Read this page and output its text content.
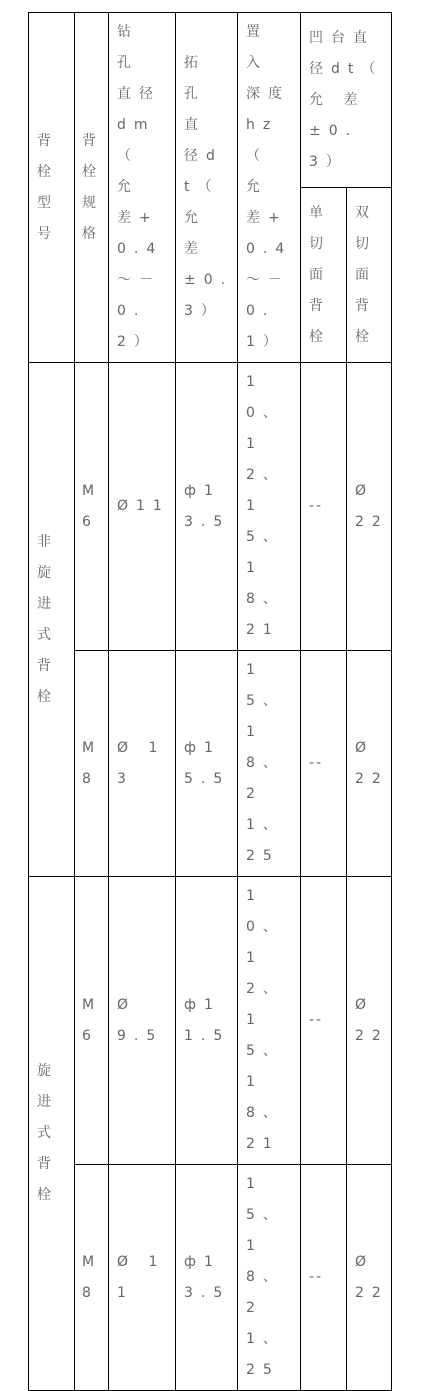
背栓型号	背栓规格	钻 孔 直径dm（ 允 差+0.4～－0.2）	拓 孔 直 径dt（ 允 差±0.3）	置 入 深度hz（ 允 差+0.4～－0.1）	凹台直径dt（ 允 差±0.3）	
					单切面背栓	双切面背栓
非旋进式背栓	M6	Ø11	ф13.5	10、12、15、18、21	--	Ø22
	M8	Ø 13	ф15.5	15、18、 21、25	--	Ø22
旋进式背栓	M6	Ø 9.5	ф11.5	10、12、15、18、21	--	Ø22
	M8	Ø 11	ф13.5	15、18、 21、25	--	Ø22
